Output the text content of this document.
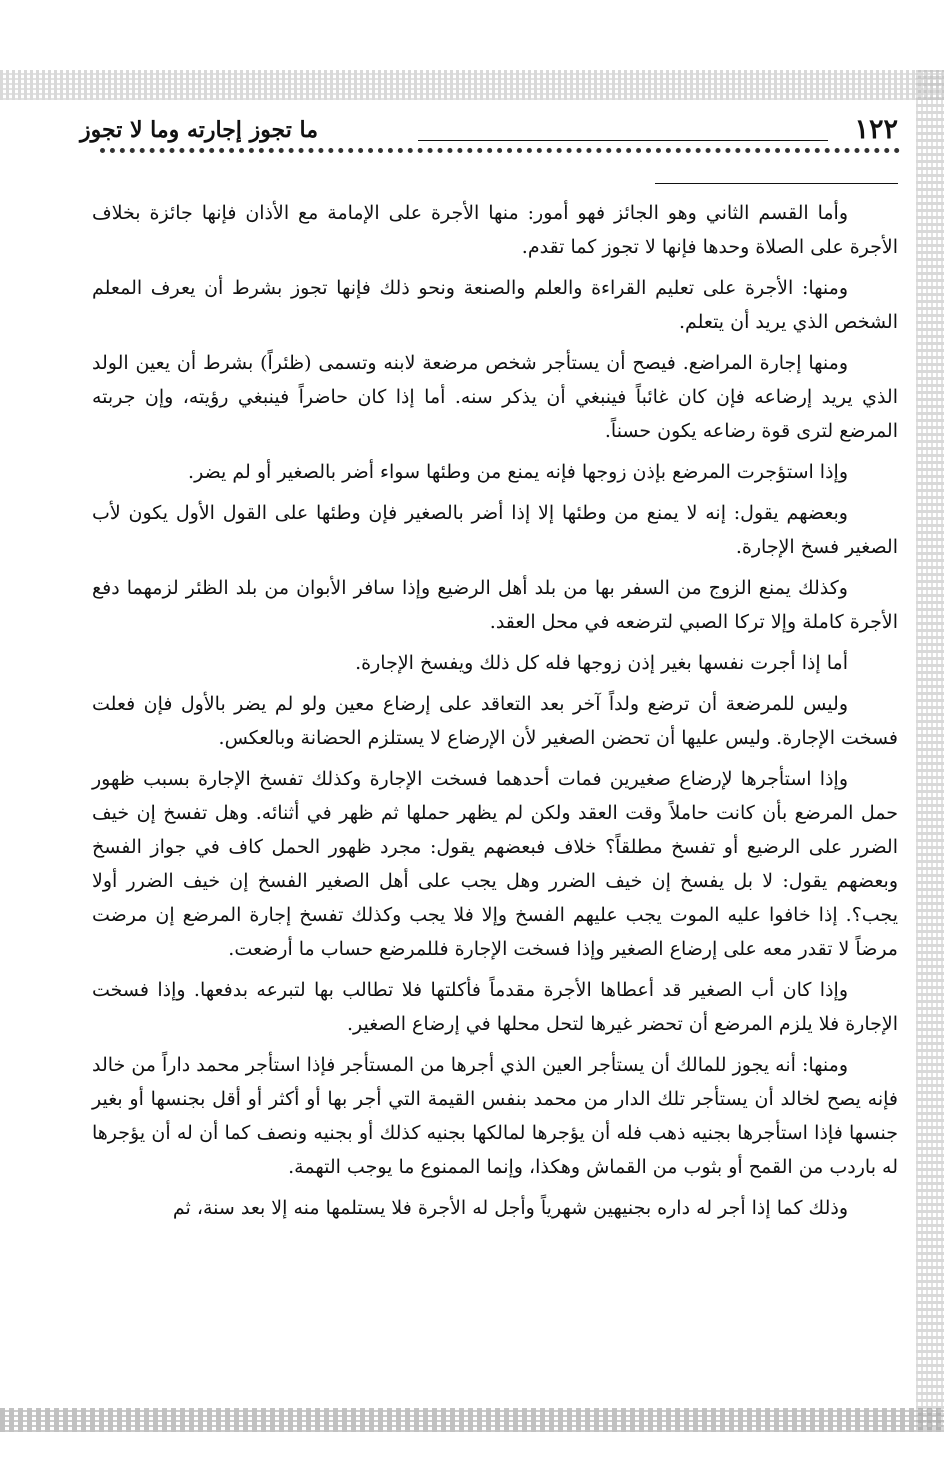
١٢٢
ما تجوز إجارته وما لا تجوز

وأما القسم الثاني وهو الجائز فهو أمور: منها الأجرة على الإمامة مع الأذان فإنها جائزة بخلاف الأجرة على الصلاة وحدها فإنها لا تجوز كما تقدم.

ومنها: الأجرة على تعليم القراءة والعلم والصنعة ونحو ذلك فإنها تجوز بشرط أن يعرف المعلم الشخص الذي يريد أن يتعلم.

ومنها إجارة المراضع. فيصح أن يستأجر شخص مرضعة لابنه وتسمى (ظئراً) بشرط أن يعين الولد الذي يريد إرضاعه فإن كان غائباً فينبغي أن يذكر سنه. أما إذا كان حاضراً فينبغي رؤيته، وإن جربته المرضع لترى قوة رضاعه يكون حسناً.

وإذا استؤجرت المرضع بإذن زوجها فإنه يمنع من وطئها سواء أضر بالصغير أو لم يضر.

وبعضهم يقول: إنه لا يمنع من وطئها إلا إذا أضر بالصغير فإن وطئها على القول الأول يكون لأب الصغير فسخ الإجارة.

وكذلك يمنع الزوج من السفر بها من بلد أهل الرضيع وإذا سافر الأبوان من بلد الظئر لزمهما دفع الأجرة كاملة وإلا تركا الصبي لترضعه في محل العقد.

أما إذا أجرت نفسها بغير إذن زوجها فله كل ذلك ويفسخ الإجارة.

وليس للمرضعة أن ترضع ولداً آخر بعد التعاقد على إرضاع معين ولو لم يضر بالأول فإن فعلت فسخت الإجارة. وليس عليها أن تحضن الصغير لأن الإرضاع لا يستلزم الحضانة وبالعكس.

وإذا استأجرها لإرضاع صغيرين فمات أحدهما فسخت الإجارة وكذلك تفسخ الإجارة بسبب ظهور حمل المرضع بأن كانت حاملاً وقت العقد ولكن لم يظهر حملها ثم ظهر في أثنائه. وهل تفسخ إن خيف الضرر على الرضيع أو تفسخ مطلقاً؟ خلاف فبعضهم يقول: مجرد ظهور الحمل كاف في جواز الفسخ وبعضهم يقول: لا بل يفسخ إن خيف الضرر وهل يجب على أهل الصغير الفسخ إن خيف الضرر أولا يجب؟. إذا خافوا عليه الموت يجب عليهم الفسخ وإلا فلا يجب وكذلك تفسخ إجارة المرضع إن مرضت مرضاً لا تقدر معه على إرضاع الصغير وإذا فسخت الإجارة فللمرضع حساب ما أرضعت.

وإذا كان أب الصغير قد أعطاها الأجرة مقدماً فأكلتها فلا تطالب بها لتبرعه بدفعها. وإذا فسخت الإجارة فلا يلزم المرضع أن تحضر غيرها لتحل محلها في إرضاع الصغير.

ومنها: أنه يجوز للمالك أن يستأجر العين الذي أجرها من المستأجر فإذا استأجر محمد داراً من خالد فإنه يصح لخالد أن يستأجر تلك الدار من محمد بنفس القيمة التي أجر بها أو أكثر أو أقل بجنسها أو بغير جنسها فإذا استأجرها بجنيه ذهب فله أن يؤجرها لمالكها بجنيه كذلك أو بجنيه ونصف كما أن له أن يؤجرها له باردب من القمح أو بثوب من القماش وهكذا، وإنما الممنوع ما يوجب التهمة.

وذلك كما إذا أجر له داره بجنيهين شهرياً وأجل له الأجرة فلا يستلمها منه إلا بعد سنة، ثم
